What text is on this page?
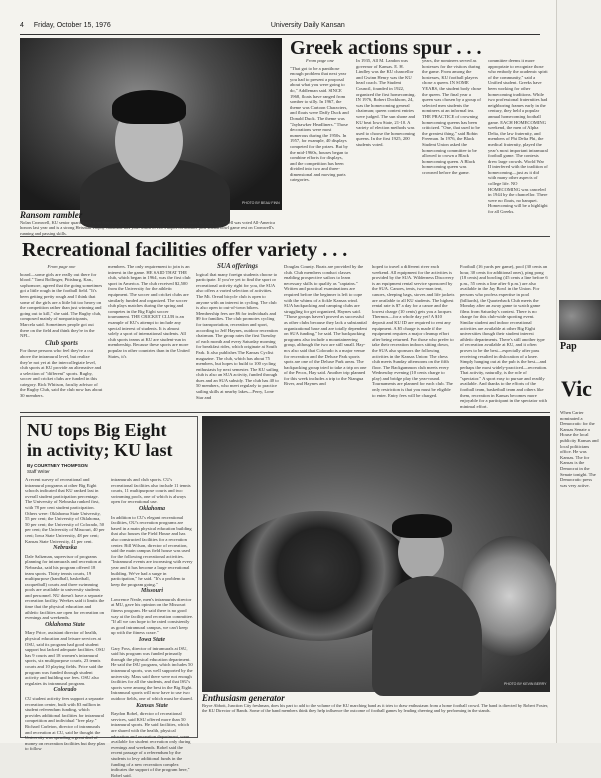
4 Friday, October 15, 1976	University Daily Kansan
PHOTO BY BEAU FINN
Ransom rambler
Nolan Cromwell, KU senior quarterback from Ransom, gets a breather while the defensive unit takes the field. Cromwell was voted All-America honors last year and is a strong Heisman Trophy candidate this year. Much of KU's hopes for another post-season bowl game rest on Cromwell's running and passing skills.
Greek actions spur . . .

From page one

"That got to be a pantihose enough problem that next year you had to present a proposal about what you were going to do," Addleman said. SINCE 1968, floats have ranged from somber to silly. In 1967, the theme was Cartoon Characters, and floats were Daffy Duck and Donald Duck. The theme was "Jayhawker Headliners." Those decorations were most numerous during the 1950s. In 1957, for example, 40 displays competed for the prizes. But by the mid-1960s, houses began to combine efforts for displays, and the competition has been divided into two and three-dimensional and moving parts categories.

In 1935, All M. Landon was governor of Kansas. E. H. Lindley was the KU chancellor and Gwinn Henry was the KU head coach. The Student Council, founded in 1922, organized the first homecoming. IN 1976, Robert Dockhorn, 24, was the homecoming general chairman; queen contest entries were judged. The sun shone and KU beat Iowa State, 21-10. A variety of election methods was used to choose the homecoming queens. In the first 1925, 200 students voted.

years, the nominees served as hostesses for the visitors during the game. From among the hostesses, KU football players chose a queen. IN SOME YEARS, the student body chose the queen. The final year a queen was chosen by a group of selected men students the nominees at an informal tea. THE PRACTICE of crowning homecoming queens has been criticized. "One, that used to be the greatest thing," said Robin Freeman. In 1976, the Black Student Union asked the homecoming committee to be allowed to crown a Black homecoming queen. A Black homecoming queen was crowned before the game.

committee deems it more appropriate to recognize those who embody the academic spirit of the community," said a Unified student. Greeks have been working for other homecoming traditions. While two professional fraternities had neighboring frames early in the century, they held a popular annual homecoming football game. EACH HOMECOMING weekend, the men of Alpha Delta, the law fraternity, and members of Phi Delta Phi, the medical fraternity, played the year's most important intramural football game. The contests drew large crowds. World War II interfered with the tradition of homecoming—just as it did with many other aspects of college life. NO HOMECOMING was canceled in 1944 by the chancellor. There were no floats, no banquet. Homecoming will be a highlight for all Greeks.

Recreational facilities offer variety . . .

From page one

board—some girls are really out there for blood." Tami Bollinger, Pittsburg, Kan., sophomore, agreed that the going sometimes got a little rough in the football field. "It's been getting pretty rough and I think that some of the girls are a little bit too heavy on the competition rather than just winning and going out to kill," she said. The Rugby club, composed mainly of nonparticipants, Marcela said. Sometimes people got out there on the field and think they're in the NFL.

Club sports

For those persons who feel they're a cut above the intramural level, but realize they're not yet at the intercollegiate level, club sports at KU provide an alternative and a selection of "different" sports. Rugby, soccer and cricket clubs are funded in this category. Rick Whitson, faculty advisor of the Rugby Club, said the club now has about 30 members.

members. The only requirement to join is an interest in the game. HE SAID THAT THE club, which began in 1964, was the first club sport in America. The club received $2,500 from the University for the athletic equipment. The soccer and cricket clubs are similarly funded and organized. The soccer club plays matches during the spring and competes in the Big Eight soccer tournament. THE CRICKET CLUB is an example of KU's attempt to include any special interest of students. It is almost solely a sport of international students. All club sports teams at KU are student-run in membership. Because these sports are more popular in other countries than in the United States, it's

SUA offerings

logical that many foreign students choose to participate. If you've yet to find the sport or recreational activity right for you, the SUA also offers a varied selection of activities. The Mt. Oread bicycle club is open to anyone with an interest in cycling. The club is also open to out-of-town bikers. Membership fees are $6 for individuals and $9 for families. The club promotes cycling for transportation, recreation and sport, according to Jeff Haynes, outdoor recreation chairman. The group rates the first Tuesday of each month and every Saturday morning for breakfast rides, which originate at South Park. It also publishes The Kansas Cyclist magazine. The club, which has about 75 members, but hopes to build to 100 cycling enthusiasts by next semester. The KU sailing club is also an SUA activity, funded through dues and an SUA subsidy. The club has 40 to 50 members, who meet regularly to practice sailing skills at nearby lakes—Perry, Lone Star and

Douglas County. Boats are provided by the club. Club members conduct classes enabling prospective sailors to learn necessary skills to qualify as "captains." Written and practical examinations are required before the beginner is left to cope with the whims of a fickle Kansas wind. SUA backpacking and camping clubs are struggling for get organized, Haynes said. "Those groups haven't proved as successful as other clubs because they lack a substantial organizational base and are totally dependent on SUA funding," he said. The backpacking programs also include a mountaineering group, although the two are still small. Hay-ncs also said that Colorado is a major venue for recreation and the Deluxe Park sports spots are one of the Deluxe Park areas. The backpacking group tried to take a trip on one of the Pecos, Hay said. Another trip planned for this week includes a trip to the Niangua River, and Haynes and

hoped to travel a different river each weekend. All equipment for the activities is provided by the SUA. Wilderness Discovery is an equipment rental service sponsored by the SUA. Canoes, tents, two-man tent, canoes, sleeping bags, stoves and life jackets are available to all KU students. The highest rental rate is $7 a day for a canoe and the lowest charge (10 cents) gets you a lacquer. Thermos—for a whole day yet! A $10 deposit and KU ID are required to rent any equipment. A $5 charge is made if the equipment requires a major cleanup effort after being returned. For those who prefer to take their recreation indoors sitting down, the SUA also sponsors the following activities in the Kansas Union: The chess club meets Sunday afternoons on the fifth floor. The Backgammon club meets every Wednesday evening (10 cents charge to play) and bridge play the year-round. Tournaments are planned for each club. The only restriction is that you must be eligible to enter. Entry fees will be charged.

Football (16 yards per game), pool (30 cents an hour, 30 cents for additional ones), ping pong (18 cents) and bowling (45 cents a line before 6 p.m., 55 cents a line after 6 p.m.) are also available in the Jay Bowl in the Union. For persons who profess expertise in pool (billiards), the Quarterback Club meets the Monday after an away game to watch game films from Saturday's contest. There is no charge for this club-wide sporting event. Similar student and indoor recreational activities are available at other Big Eight universities though their student interest athletic departments. There's still another type of recreation available at KU, and it often proves to be the best—especially after pass receiving resulted in dislocation of a knee. Simply hanging out at the pub is the best—and perhaps the most widely-practiced—recreation. That activity, naturally, is the role of "spectator." A sport easy to pursue and readily available. And thanks to the efforts of the football team, basketball team and others like them, recreation in Kansas becomes more enjoyable for a participant in the spectator with minimal effort.

NU tops Big Eight
in activity; KU last
By COURTNEY THOMPSON
Staff Writer

A recent survey of recreational and intramural programs at other Big Eight schools indicated that KU ranked last in overall student participation percentage. The University of Nebraska ranked first, with 78 per cent student participation. Others were: Oklahoma State University, 55 per cent; the University of Oklahoma, 50 per cent; the University of Colorado, 50 per cent; the University of Missouri, 40 per cent; Iowa State University, 48 per cent; Kansas State University, 41 per cent.

Nebraska

Dale Saltzman, supervisor of programs planning for intramurals and recreation at Nebraska, said his program offered 18 team sports. Thirty tennis courts, 19 multipurpose (handball, basketball, racquetball) courts and three swimming pools are available to university students and personnel. NU doesn't have a separate recreation facility. Weekes said it limits the time that the physical education and athletic facilities are open for recreation on evenings and weekends.

Oklahoma State

Mary Price, assistant director of health, physical education and leisure services at OSU, said its program had good student support but lacked adequate facilities. OSU has 9 courts and 18 women's intramural sports, six multipurpose courts, 23 tennis courts and 10 playing fields. Price said the program was funded through student activity and building use fees. OSU also regulates its intramural program.

Colorado

CU student activity fees support a separate recreation center, built with $3 million in student referendum funding, which provides additional facilities for intramural competition and individual "free play." Richard Carleton, director of intramurals and recreation at CU, said he thought the University was spending a great deal of money on recreation facilities but they plan to follow

intramurals and club sports. CU's recreational facilities also include 11 tennis courts, 11 multipurpose courts and two swimming pools, one of which is always open for recreational use.

Oklahoma

In addition to CU's elegant recreational facilities, OU's recreation programs are based in a main physical education building that also houses the Field House and has also constructed facilities for a recreation center. Bill Wilson, director of recreation, said the main campus field house was used for the following recreational activities. "Intramural events are increasing with every year and it has become a large recreational building. We've had a surge in participation," he said. "It's a problem to keep the program going."

Missouri

Lawrence Neale, men's intramurals director at MU, gave his opinion on the Missouri fitness program. He said there is no good way at the facility and recreation committee. "If all we can hope to be rated consistently as good intramural campus, we can't keep up with the fitness craze."

Iowa State

Gary Foss, director of intramurals at ISU, said his program was funded primarily through the physical education department. He said the ISU program, which includes 50 intramural sports, was well supported by the university. Mass said there were not enough facilities for all the students, and that ISU's sports were among the best in the Big Eight. Intramural sports will now have to use two outdoor fields, one of which must be shared.

Kansas State

Raydon Robel, director of recreational services, said KSU offered more than 50 intramural sports. He said facilities, which are shared with the health, physical education and recreation department, were available for student recreation only during evenings and weekends. Robel said the recent passage of a referendum by the students to levy additional funds in the funding of a new recreation complex indicates the support of the program here," Robel said.

PHOTO BY KEVIN BERRY
Enthusiasm generator
Bryce Abbott, Junction City freshman, does his part to add to the volume of the KU marching band as it tries to draw enthusiasm from a home football crowd. The band is directed by Robert Foster, the KU Director of Bands. Some of the band members think they help influence the outcome of football games by leading cheering and by performing in the stands.
Pap
Vic
When Carter nominated a Democratic for the Kansas Senate a House the local publicity Kansas and local politicians office. He was Kansas. The for Kansas is the Democrat in the Senate tonight. The Democratic press was very active.
